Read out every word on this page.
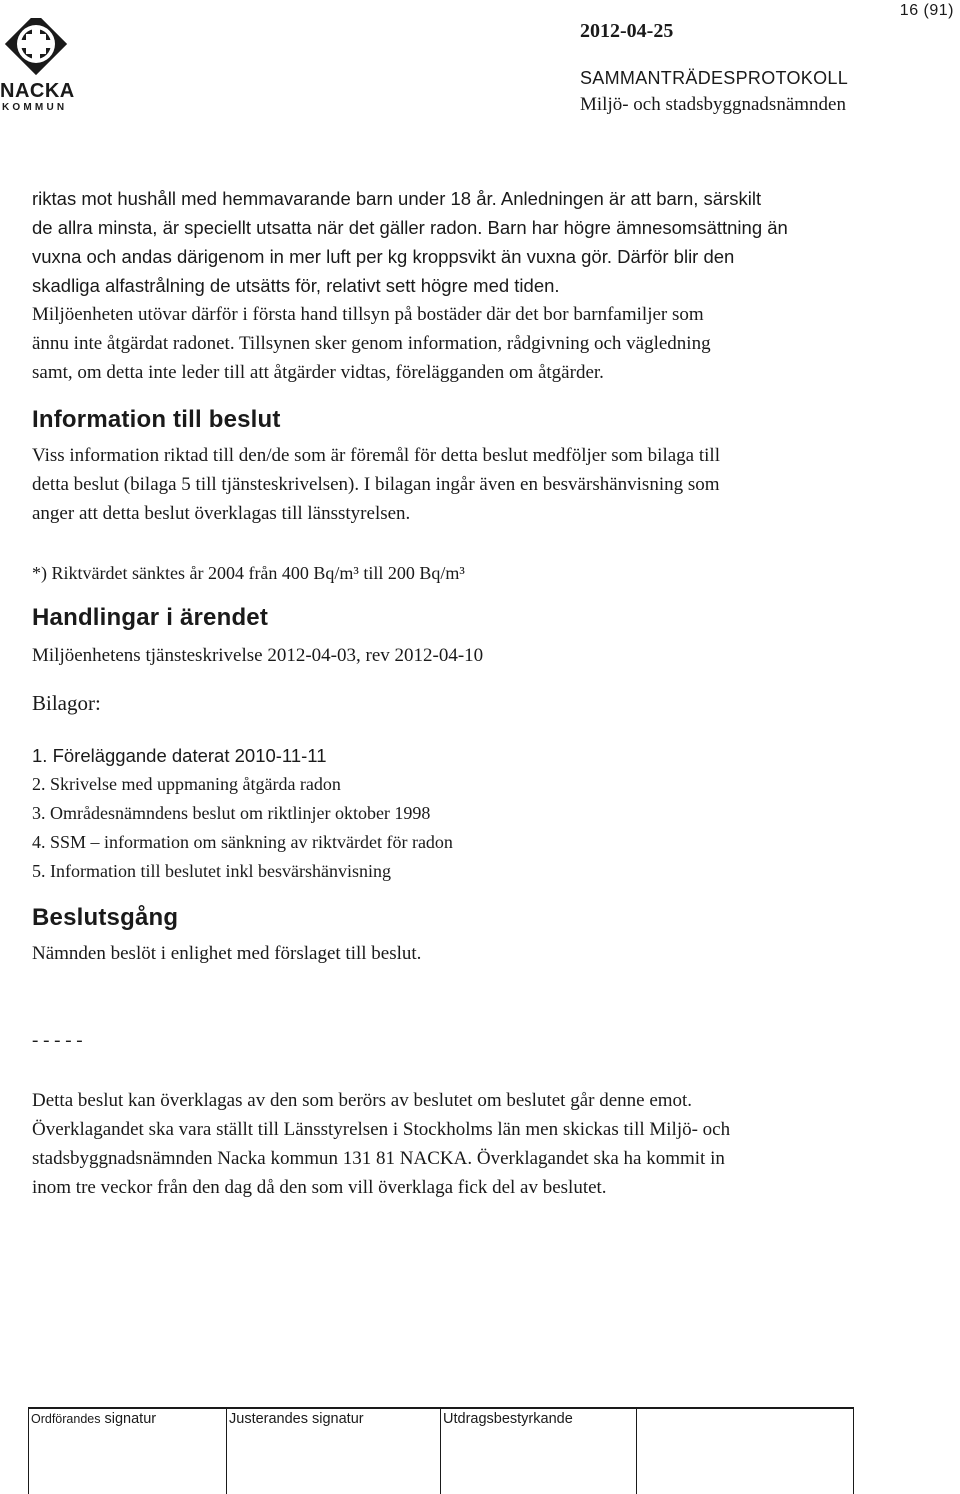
NACKA
KOMMUN
16 (91)
2012-04-25
SAMMANTRÄDESPROTOKOLL
Miljö- och stadsbyggnadsnämnden
riktas mot hushåll med hemmavarande barn under 18 år. Anledningen är att barn, särskilt
de allra minsta, är speciellt utsatta när det gäller radon. Barn har högre ämnesomsättning än
vuxna och andas därigenom in mer luft per kg kroppsvikt än vuxna gör. Därför blir den
skadliga alfastrålning de utsätts för, relativt sett högre med tiden.
Miljöenheten utövar därför i första hand tillsyn på bostäder där det bor barnfamiljer som
ännu inte åtgärdat radonet. Tillsynen sker genom information, rådgivning och vägledning
samt, om detta inte leder till att åtgärder vidtas, förelägganden om åtgärder.
Information till beslut
Viss information riktad till den/de som är föremål för detta beslut medföljer som bilaga till
detta beslut (bilaga 5 till tjänsteskrivelsen). I bilagan ingår även en besvärshänvisning som
anger att detta beslut överklagas till länsstyrelsen.
*) Riktvärdet sänktes år 2004 från 400 Bq/m³ till 200 Bq/m³
Handlingar i ärendet
Miljöenhetens tjänsteskrivelse 2012-04-03, rev 2012-04-10
Bilagor:
1. Föreläggande daterat 2010-11-11
2. Skrivelse med uppmaning åtgärda radon
3. Områdesnämndens beslut om riktlinjer oktober 1998
4. SSM – information om sänkning av riktvärdet för radon
5. Information till beslutet inkl besvärshänvisning
Beslutsgång
Nämnden beslöt i enlighet med förslaget till beslut.
- - - - -
Detta beslut kan överklagas av den som berörs av beslutet om beslutet går denne emot.
Överklagandet ska vara ställt till Länsstyrelsen i Stockholms län men skickas till Miljö- och
stadsbyggnadsnämnden Nacka kommun 131 81 NACKA. Överklagandet ska ha kommit in
inom tre veckor från den dag då den som vill överklaga fick del av beslutet.
Ordförandes signatur	Justerandes signatur	Utdragsbestyrkande
